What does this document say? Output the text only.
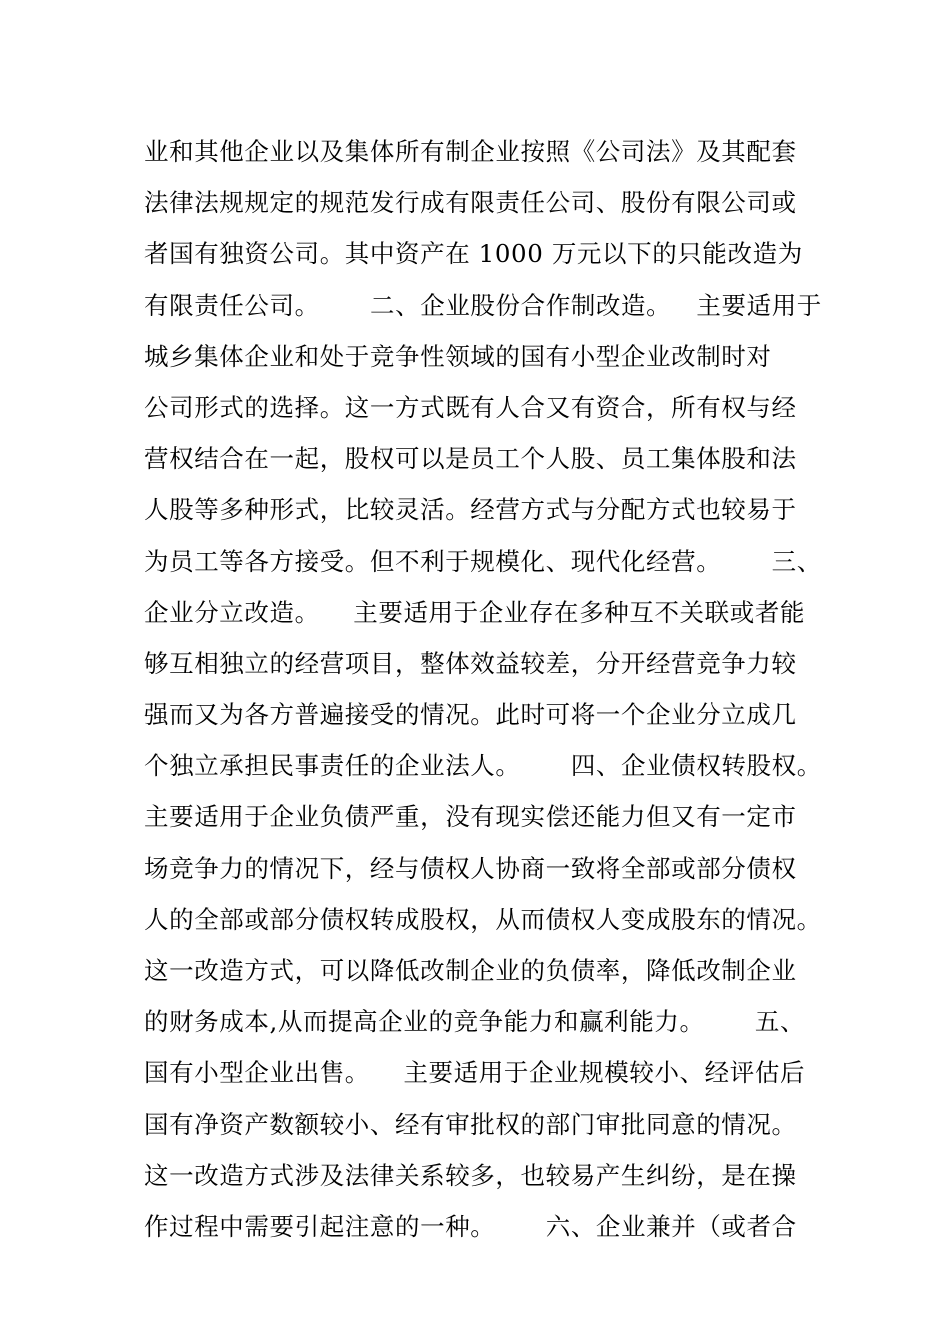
业和其他企业以及集体所有制企业按照《公司法》及其配套
法律法规规定的规范发行成有限责任公司、股份有限公司或
者国有独资公司。其中资产在 1000 万元以下的只能改造为
有限责任公司。      二、企业股份合作制改造。   主要适用于
城乡集体企业和处于竞争性领域的国有小型企业改制时对
公司形式的选择。这一方式既有人合又有资合，所有权与经
营权结合在一起，股权可以是员工个人股、员工集体股和法
人股等多种形式，比较灵活。经营方式与分配方式也较易于
为员工等各方接受。但不利于规模化、现代化经营。      三、
企业分立改造。    主要适用于企业存在多种互不关联或者能
够互相独立的经营项目，整体效益较差，分开经营竞争力较
强而又为各方普遍接受的情况。此时可将一个企业分立成几
个独立承担民事责任的企业法人。      四、企业债权转股权。
主要适用于企业负债严重，没有现实偿还能力但又有一定市
场竞争力的情况下，经与债权人协商一致将全部或部分债权
人的全部或部分债权转成股权，从而债权人变成股东的情况。
这一改造方式，可以降低改制企业的负债率，降低改制企业
的财务成本,从而提高企业的竞争能力和赢利能力。      五、
国有小型企业出售。    主要适用于企业规模较小、经评估后
国有净资产数额较小、经有审批权的部门审批同意的情况。
这一改造方式涉及法律关系较多，也较易产生纠纷，是在操
作过程中需要引起注意的一种。      六、企业兼并（或者合
